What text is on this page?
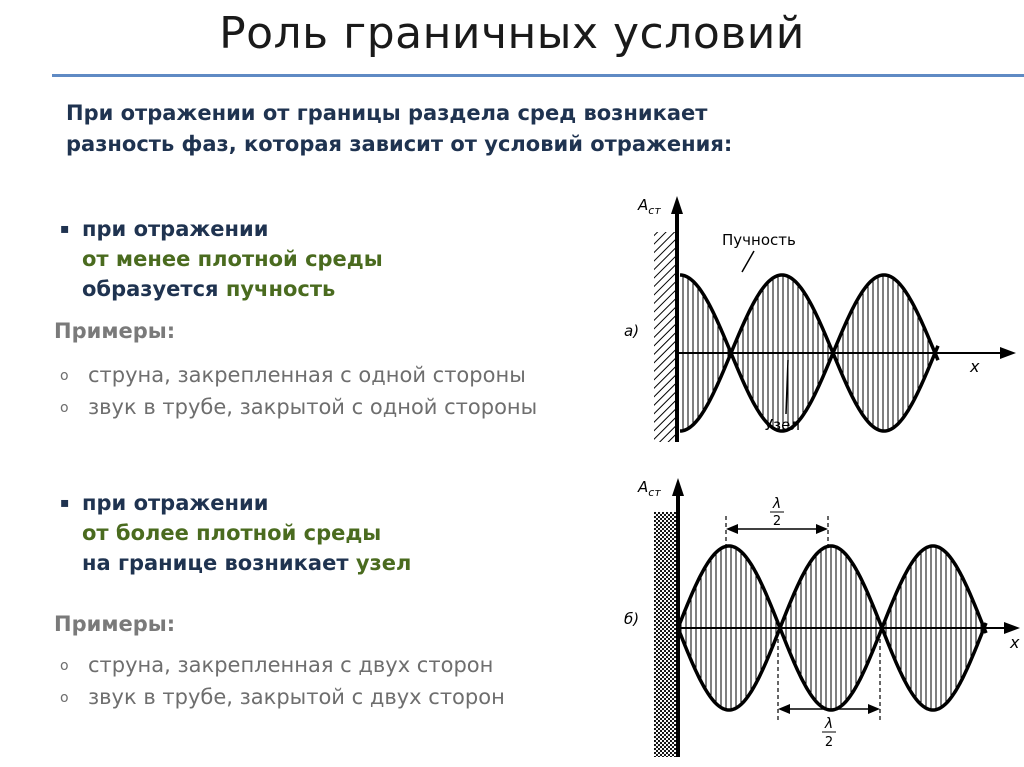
Роль граничных условий
При отражении от границы раздела сред возникает
разность фаз, которая зависит от условий отражения:
▪ при отражении
от менее плотной среды
образуется пучность
Примеры:
o струна, закрепленная с одной стороны
o звук в трубе, закрытой с одной стороны
▪ при отражении
от более плотной среды
на границе возникает узел
Примеры:
o струна, закрепленная с двух сторон
o звук в трубе, закрытой с двух сторон
$A_{ст}$
x
а)
Пучность
Узел
λ
2
λ
2
$A_{ст}$
x
б)
